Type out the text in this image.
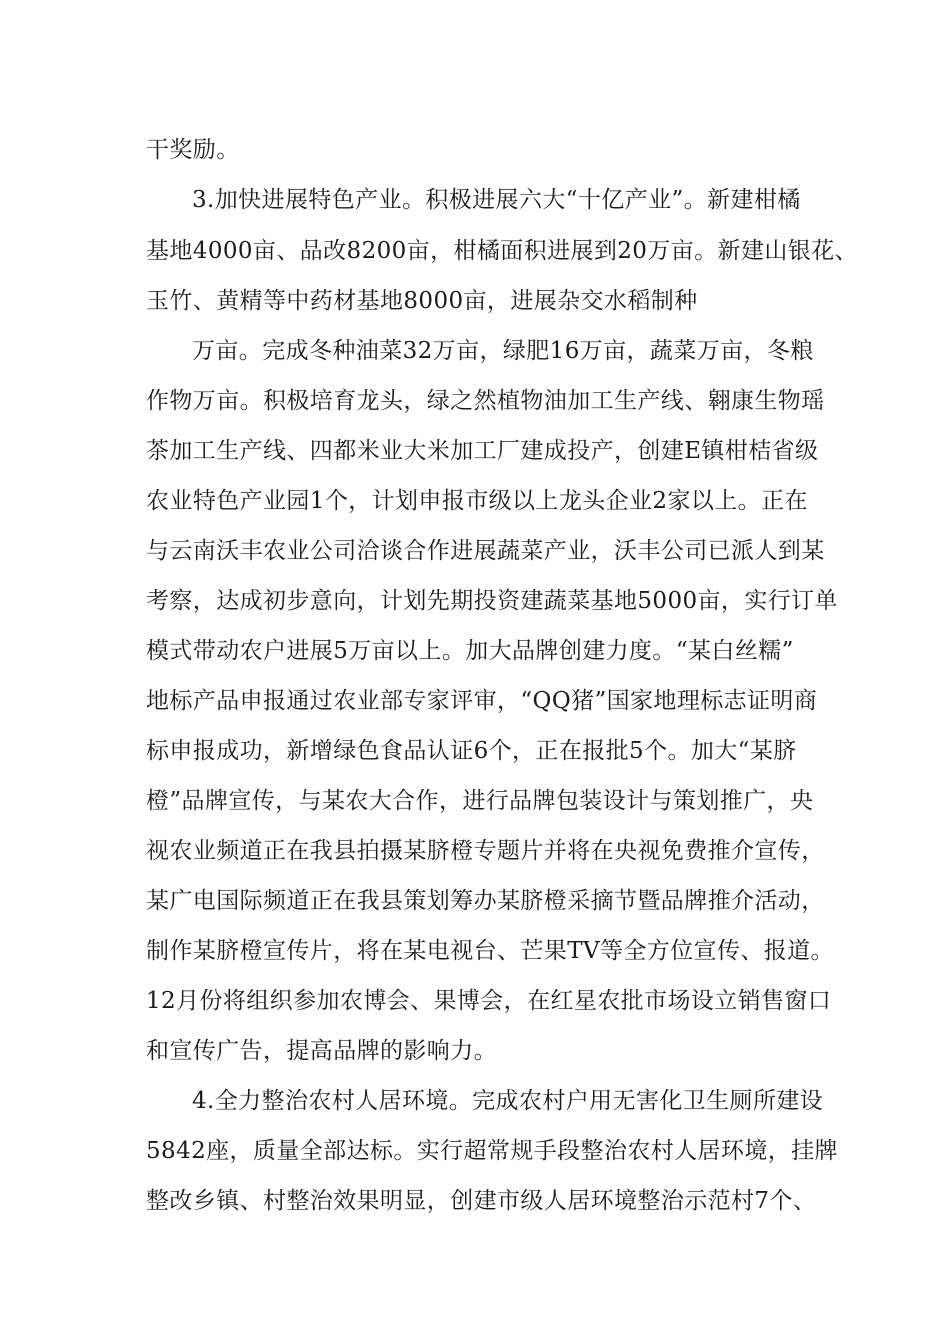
干奖励。
3.加快进展特色产业。积极进展六大“十亿产业”。新建柑橘
基地4000亩、品改8200亩，柑橘面积进展到20万亩。新建山银花、
玉竹、黄精等中药材基地8000亩，进展杂交水稻制种
万亩。完成冬种油菜32万亩，绿肥16万亩，蔬菜万亩，冬粮
作物万亩。积极培育龙头，绿之然植物油加工生产线、翱康生物瑶
茶加工生产线、四都米业大米加工厂建成投产，创建E镇柑桔省级
农业特色产业园1个，计划申报市级以上龙头企业2家以上。正在
与云南沃丰农业公司洽谈合作进展蔬菜产业，沃丰公司已派人到某
考察，达成初步意向，计划先期投资建蔬菜基地5000亩，实行订单
模式带动农户进展5万亩以上。加大品牌创建力度。“某白丝糯”
地标产品申报通过农业部专家评审，“QQ猪”国家地理标志证明商
标申报成功，新增绿色食品认证6个，正在报批5个。加大“某脐
橙”品牌宣传，与某农大合作，进行品牌包装设计与策划推广，央
视农业频道正在我县拍摄某脐橙专题片并将在央视免费推介宣传，
某广电国际频道正在我县策划筹办某脐橙采摘节暨品牌推介活动，
制作某脐橙宣传片，将在某电视台、芒果TV等全方位宣传、报道。
12月份将组织参加农博会、果博会，在红星农批市场设立销售窗口
和宣传广告，提高品牌的影响力。
4.全力整治农村人居环境。完成农村户用无害化卫生厕所建设
5842座，质量全部达标。实行超常规手段整治农村人居环境，挂牌
整改乡镇、村整治效果明显，创建市级人居环境整治示范村7个、
